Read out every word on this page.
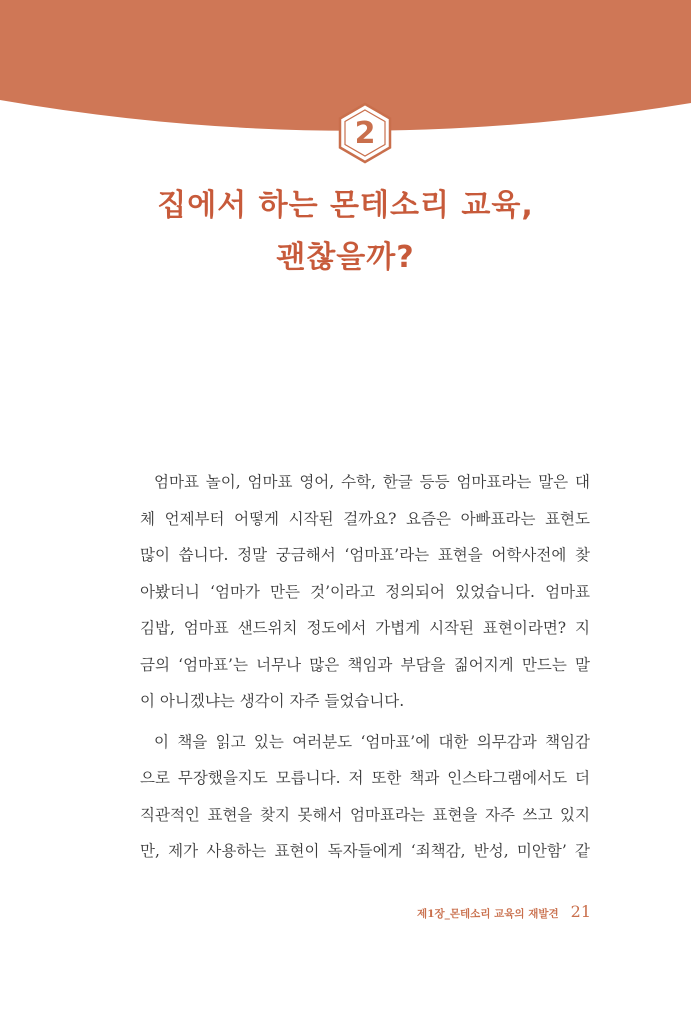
2
집에서 하는 몬테소리 교육,
괜찮을까?
엄마표 놀이, 엄마표 영어, 수학, 한글 등등 엄마표라는 말은 대
체 언제부터 어떻게 시작된 걸까요? 요즘은 아빠표라는 표현도
많이 씁니다. 정말 궁금해서 ‘엄마표’라는 표현을 어학사전에 찾
아봤더니 ‘엄마가 만든 것’이라고 정의되어 있었습니다. 엄마표
김밥, 엄마표 샌드위치 정도에서 가볍게 시작된 표현이라면? 지
금의 ‘엄마표’는 너무나 많은 책임과 부담을 짊어지게 만드는 말
이 아니겠냐는 생각이 자주 들었습니다.
이 책을 읽고 있는 여러분도 ‘엄마표’에 대한 의무감과 책임감
으로 무장했을지도 모릅니다. 저 또한 책과 인스타그램에서도 더
직관적인 표현을 찾지 못해서 엄마표라는 표현을 자주 쓰고 있지
만, 제가 사용하는 표현이 독자들에게 ‘죄책감, 반성, 미안함’ 같
제1장_몬테소리 교육의 재발견 21
